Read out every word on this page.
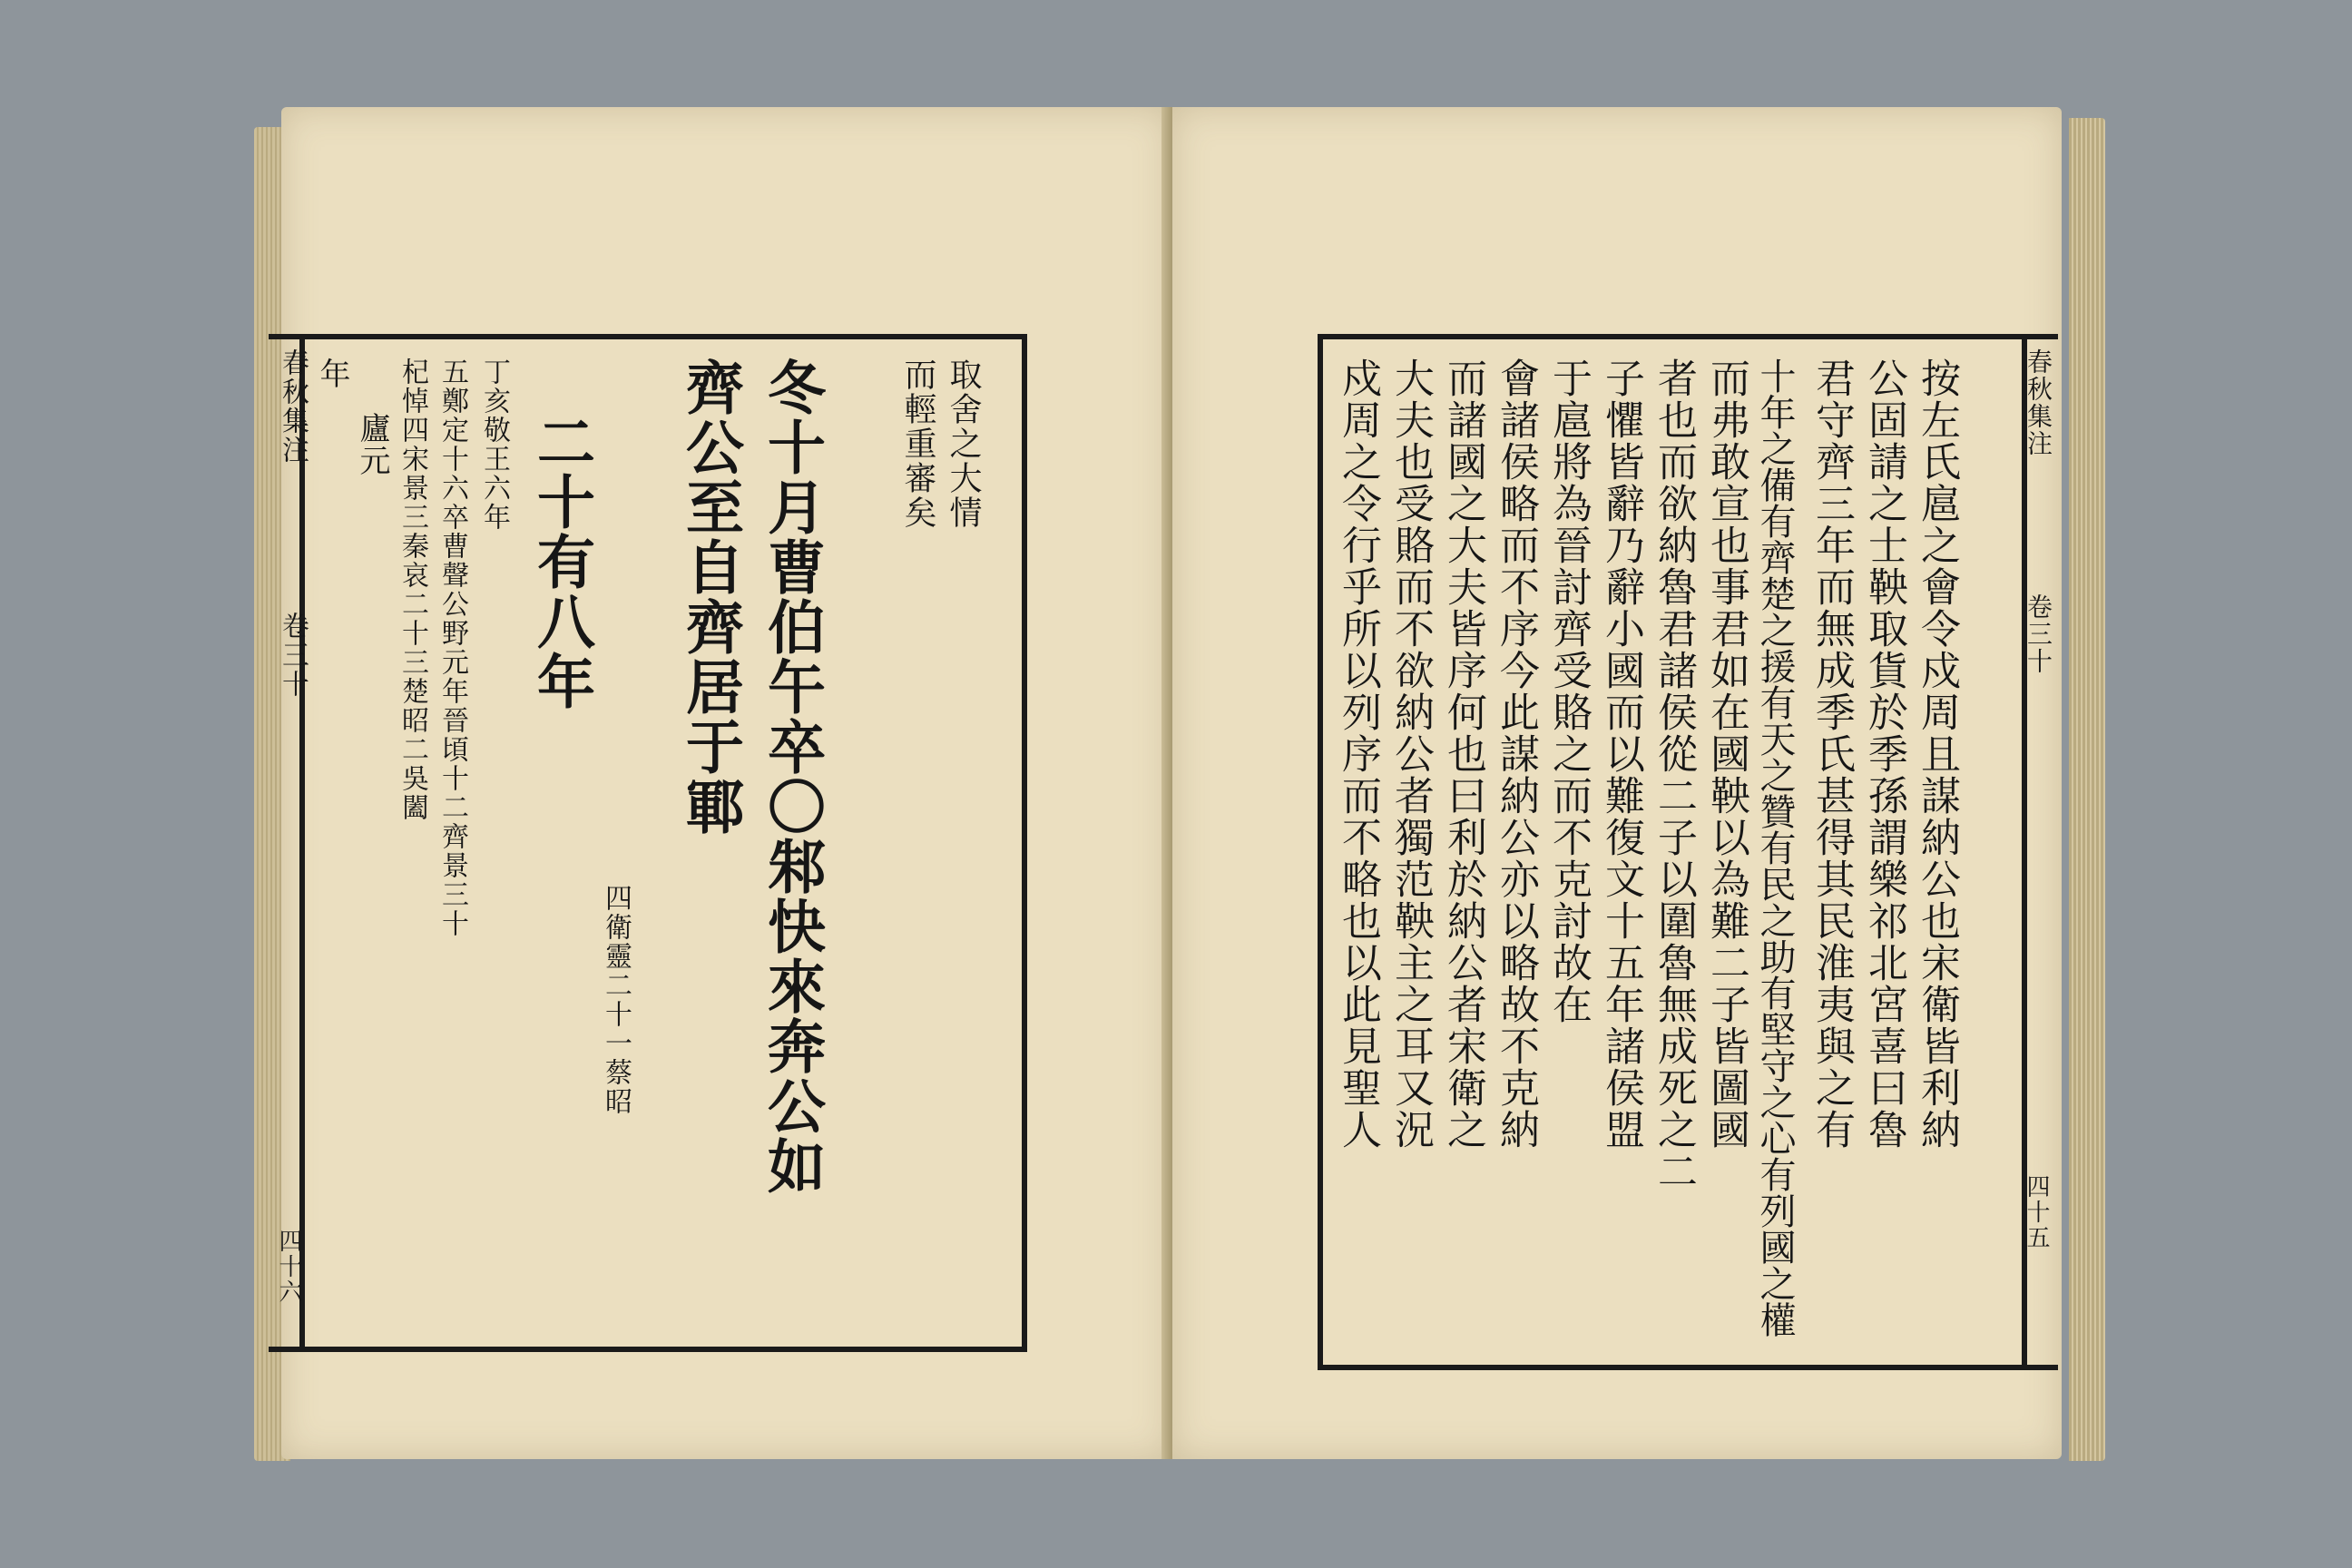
年
廬元 杞悼四宋景三秦哀二十三楚昭二吳闔 五鄭定十六卒曹聲公野元年晉頃十二齊景三十 丁亥敬王六年 二十有八年
四衛靈二十一蔡昭
齊公至自齊居于鄆 冬十月曹伯午卒〇邾快來奔公如 而輕重審矣 取舍之大情
春秋集注
卷三十
四十六
戍周之令行乎所以列序而不略也以此見聖人 大夫也受賂而不欲納公者獨范鞅主之耳又況 而諸國之大夫皆序何也曰利於納公者宋衛之 會諸侯略而不序今此謀納公亦以略故不克納 于扈將為晉討齊受賂之而不克討故在 子懼皆辭乃辭小國而以難復文十五年諸侯盟 者也而欲納魯君諸侯從二子以圍魯無成死之二 而弗敢宣也事君如在國鞅以為難二子皆圖國 十年之備有齊楚之援有天之贊有民之助有堅守之心有列國之權 君守齊三年而無成季氏甚得其民淮夷與之有 公固請之士鞅取貨於季孫謂樂祁北宮喜曰魯 按左氏扈之會令戍周且謀納公也宋衛皆利納	春秋集注
卷三十
四十五
